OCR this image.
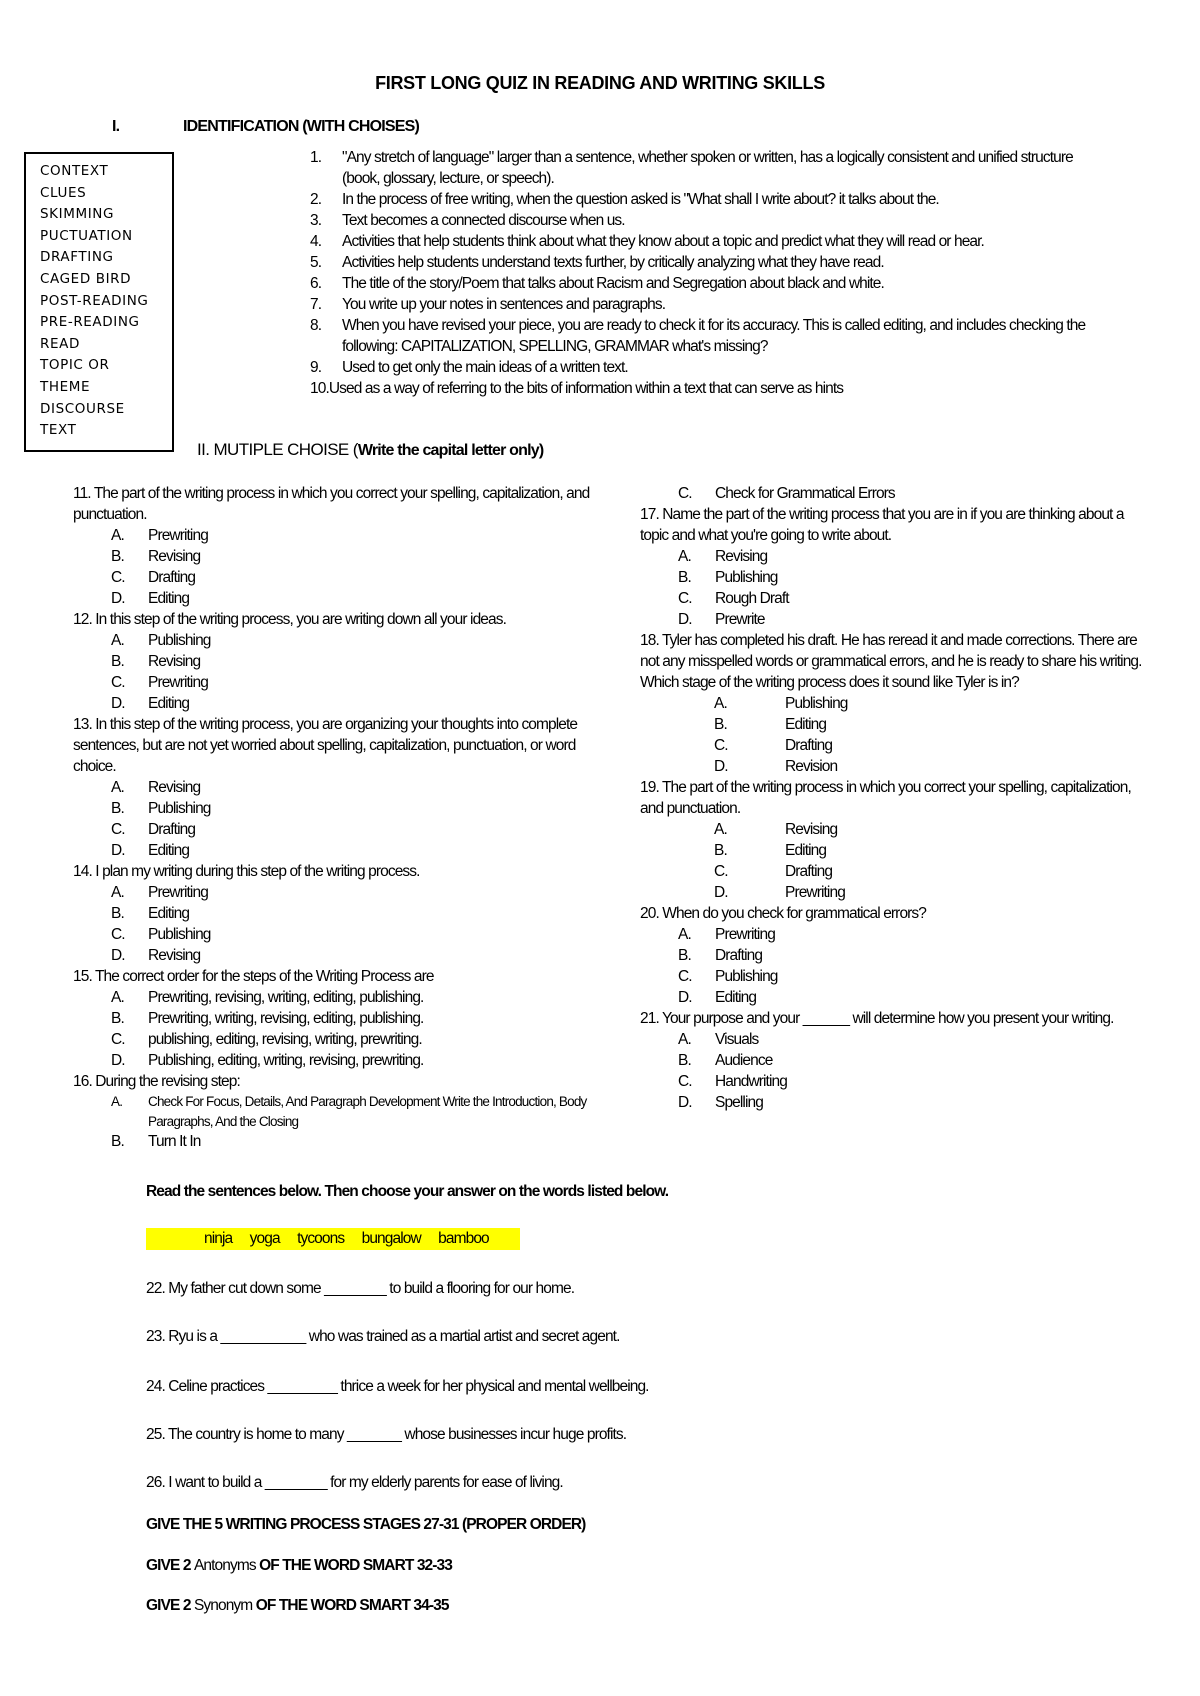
FIRST LONG QUIZ IN READING AND WRITING SKILLS
I.	IDENTIFICATION (WITH CHOISES)
CONTEXT
CLUES
SKIMMING
PUCTUATION
DRAFTING
CAGED BIRD
POST-READING
PRE-READING
READ
TOPIC OR
THEME
DISCOURSE
TEXT
1. "Any stretch of language" larger than a sentence, whether spoken or written, has a logically consistent and unified structure (book, glossary, lecture, or speech).
2. In the process of free writing, when the question asked is "What shall I write about? it talks about the.
3. Text becomes a connected discourse when us.
4. Activities that help students think about what they know about a topic and predict what they will read or hear.
5. Activities help students understand texts further, by critically analyzing what they have read.
6. The title of the story/Poem that talks about Racism and Segregation about black and white.
7. You write up your notes in sentences and paragraphs.
8. When you have revised your piece, you are ready to check it for its accuracy. This is called editing, and includes checking the following: CAPITALIZATION, SPELLING, GRAMMAR what's missing?
9. Used to get only the main ideas of a written text.
10.Used as a way of referring to the bits of information within a text that can serve as hints
II. MUTIPLE CHOISE (Write the capital letter only)
11. The part of the writing process in which you correct your spelling, capitalization, and punctuation.
A. Prewriting
B. Revising
C. Drafting
D. Editing
12. In this step of the writing process, you are writing down all your ideas.
A. Publishing
B. Revising
C. Prewriting
D. Editing
13. In this step of the writing process, you are organizing your thoughts into complete sentences, but are not yet worried about spelling, capitalization, punctuation, or word choice.
A. Revising
B. Publishing
C. Drafting
D. Editing
14. I plan my writing during this step of the writing process.
A. Prewriting
B. Editing
C. Publishing
D. Revising
15. The correct order for the steps of the Writing Process are
A. Prewriting, revising, writing, editing, publishing.
B. Prewriting, writing, revising, editing, publishing.
C. publishing, editing, revising, writing, prewriting.
D. Publishing, editing, writing, revising, prewriting.
16. During the revising step:
A. Check For Focus, Details, And Paragraph Development Write the Introduction, Body Paragraphs, And the Closing
B. Turn It In
C. Check for Grammatical Errors
17. Name the part of the writing process that you are in if you are thinking about a topic and what you're going to write about.
A. Revising
B. Publishing
C. Rough Draft
D. Prewrite
18. Tyler has completed his draft. He has reread it and made corrections. There are not any misspelled words or grammatical errors, and he is ready to share his writing. Which stage of the writing process does it sound like Tyler is in?
A.	Publishing
B.	Editing
C.	Drafting
D.	Revision
19. The part of the writing process in which you correct your spelling, capitalization, and punctuation.
A.	Revising
B.	Editing
C.	Drafting
D.	Prewriting
20. When do you check for grammatical errors?
A. Prewriting
B. Drafting
C. Publishing
D. Editing
21. Your purpose and your ______ will determine how you present your writing.
A. Visuals
B. Audience
C. Handwriting
D. Spelling
Read the sentences below. Then choose your answer on the words listed below.
ninja yoga tycoons bungalow bamboo
22. My father cut down some ________ to build a flooring for our home.
23. Ryu is a ___________ who was trained as a martial artist and secret agent.
24. Celine practices _________ thrice a week for her physical and mental wellbeing.
25. The country is home to many _______ whose businesses incur huge profits.
26. I want to build a ________ for my elderly parents for ease of living.
GIVE THE 5 WRITING PROCESS STAGES 27-31 (PROPER ORDER)
GIVE 2 Antonyms OF THE WORD SMART 32-33
GIVE 2 Synonym OF THE WORD SMART 34-35
